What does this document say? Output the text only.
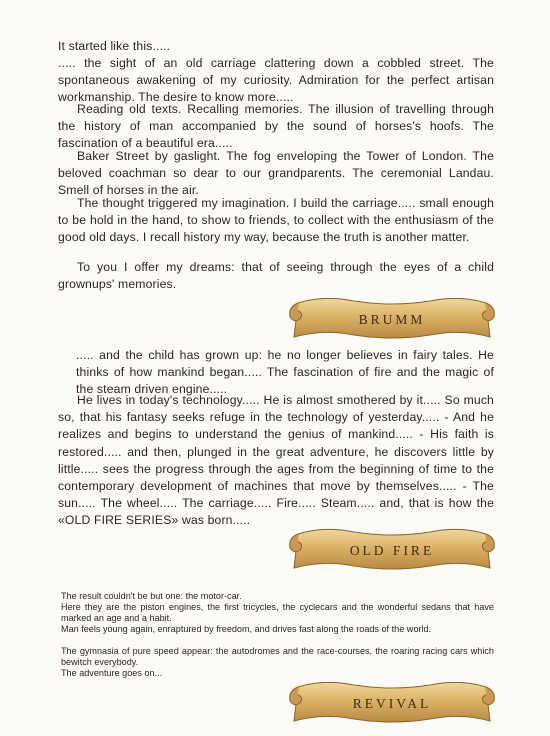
It started like this.....

..... the sight of an old carriage clattering down a cobbled street. The spontaneous awakening of my curiosity. Admiration for the perfect artisan workmanship. The desire to know more.....

Reading old texts. Recalling memories. The illusion of travelling through the history of man accompanied by the sound of horses's hoofs. The fascination of a beautiful era.....

Baker Street by gaslight. The fog enveloping the Tower of London. The beloved coachman so dear to our grandparents. The ceremonial Landau. Smell of horses in the air.

The thought triggered my imagination. I build the carriage..... small enough to be hold in the hand, to show to friends, to collect with the enthusiasm of the good old days. I recall history my way, because the truth is another matter.

To you I offer my dreams: that of seeing through the eyes of a child grownups' memories.

BRUMM

..... and the child has grown up: he no longer believes in fairy tales. He thinks of how mankind began..... The fascination of fire and the magic of the steam driven engine.....

He lives in today's technology..... He is almost smothered by it..... So much so, that his fantasy seeks refuge in the technology of yesterday..... - And he realizes and begins to understand the genius of mankind..... - His faith is restored..... and then, plunged in the great adventure, he discovers little by little..... sees the progress through the ages from the beginning of time to the contemporary development of machines that move by themselves..... - The sun..... The wheel..... The carriage..... Fire..... Steam..... and, that is how the «OLD FIRE SERIES» was born.....

OLD FIRE

The result couldn't be but one: the motor-car.

Here they are the piston engines, the first tricycles, the cyclecars and the wonderful sedans that have marked an age and a habit.

Man feels young again, enraptured by freedom, and drives fast along the roads of the world.

The gymnasia of pure speed appear: the autodromes and the race-courses, the roaring racing cars which bewitch everybody.

The adventure goes on...

REVIVAL
